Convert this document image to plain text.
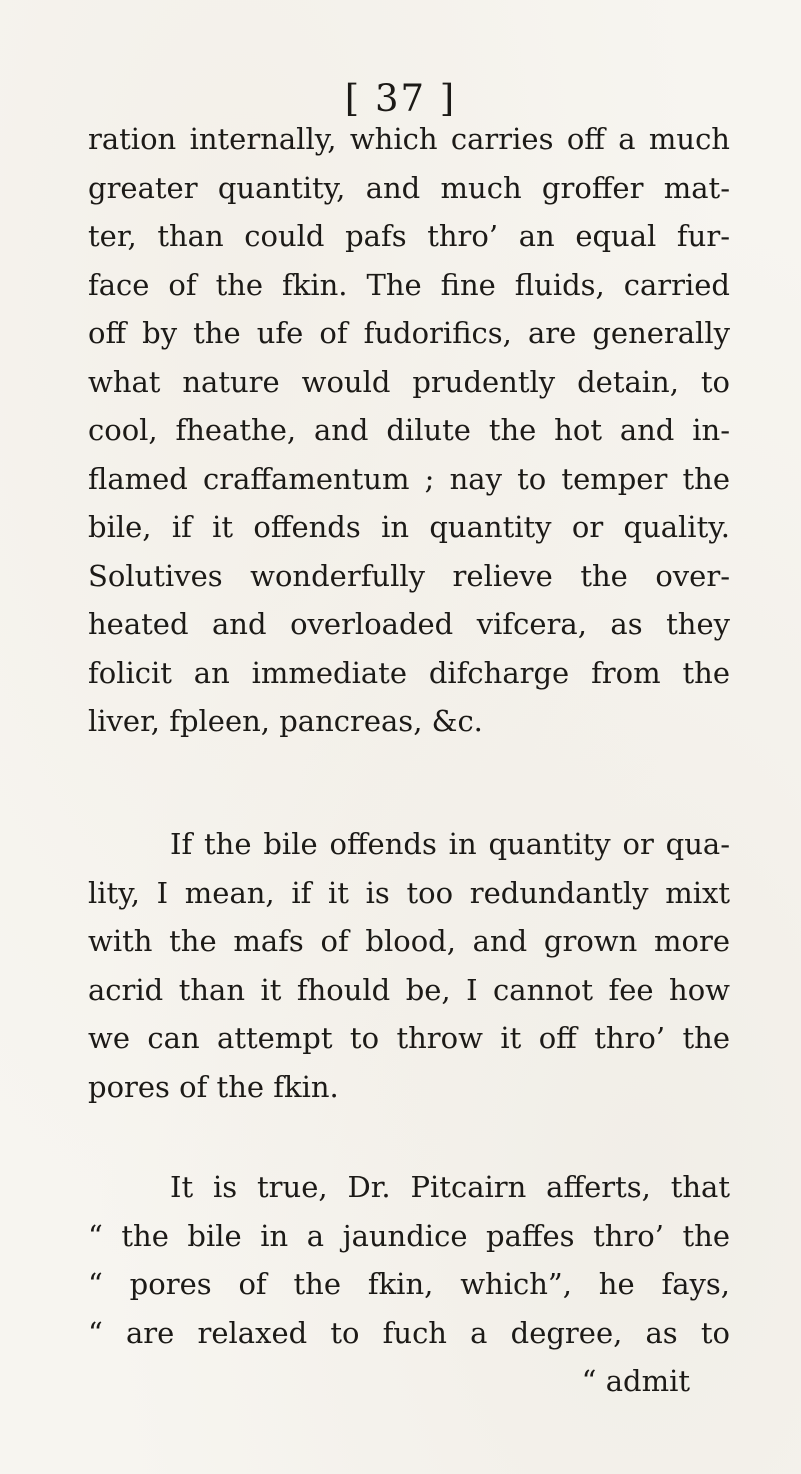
[ 37 ]
ration internally, which carries off a much
greater quantity, and much groffer mat-
ter, than could pafs thro’ an equal fur-
face of the fkin. The fine fluids, carried
off by the ufe of fudorifics, are generally
what nature would prudently detain, to
cool, fheathe, and dilute the hot and in-
flamed craffamentum ; nay to temper the
bile, if it offends in quantity or quality.
Solutives wonderfully relieve the over-
heated and overloaded vifcera, as they
folicit an immediate difcharge from the
liver, fpleen, pancreas, &c.
If the bile offends in quantity or qua-
lity, I mean, if it is too redundantly mixt
with the mafs of blood, and grown more
acrid than it fhould be, I cannot fee how
we can attempt to throw it off thro’ the
pores of the fkin.
It is true, Dr. Pitcairn afferts, that
“ the bile in a jaundice paffes thro’ the
“ pores of the fkin, which”, he fays,
“ are relaxed to fuch a degree, as to
“ admit
